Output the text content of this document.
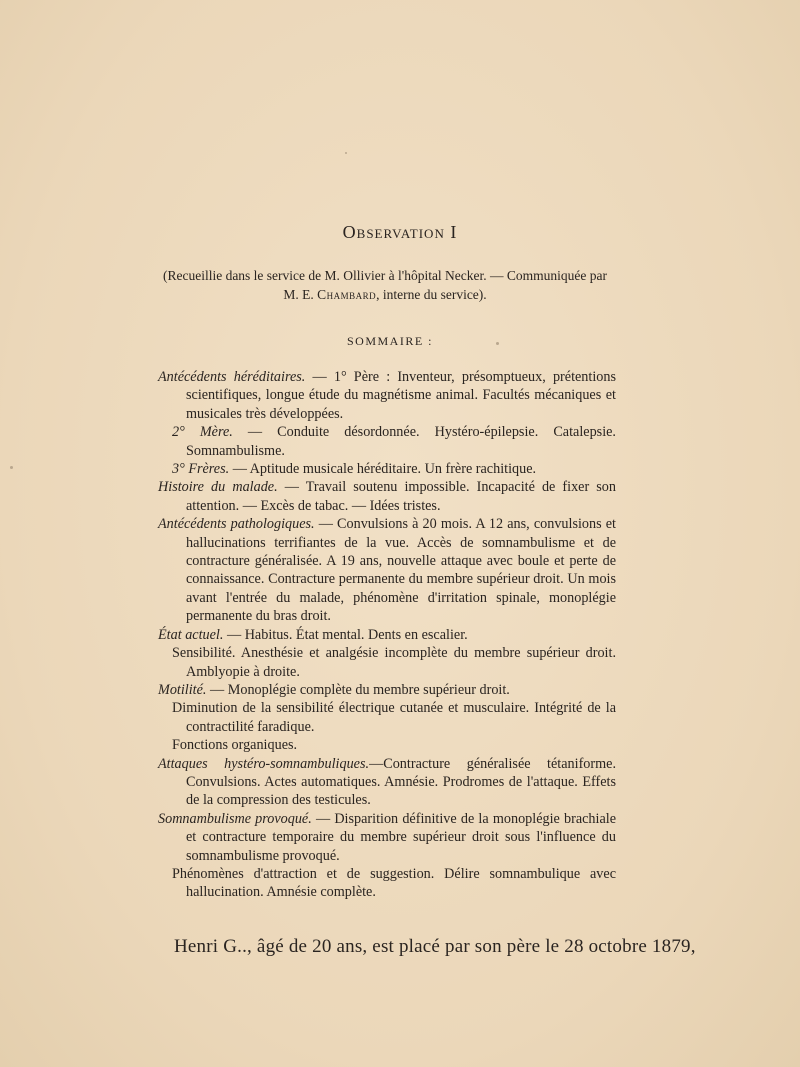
Observation I
(Recueillie dans le service de M. Ollivier à l'hôpital Necker. — Communiquée par
M. E. Chambard, interne du service).
SOMMAIRE :

Antécédents héréditaires. — 1° Père : Inventeur, présomptueux, prétentions scientifiques, longue étude du magnétisme animal. Facultés mécaniques et musicales très développées.

2° Mère. — Conduite désordonnée. Hystéro-épilepsie. Catalepsie. Somnambulisme.

3° Frères. — Aptitude musicale héréditaire. Un frère rachitique.

Histoire du malade. — Travail soutenu impossible. Incapacité de fixer son attention. — Excès de tabac. — Idées tristes.

Antécédents pathologiques. — Convulsions à 20 mois. A 12 ans, convulsions et hallucinations terrifiantes de la vue. Accès de somnambulisme et de contracture généralisée. A 19 ans, nouvelle attaque avec boule et perte de connaissance. Contracture permanente du membre supérieur droit. Un mois avant l'entrée du malade, phénomène d'irritation spinale, monoplégie permanente du bras droit.

État actuel. — Habitus. État mental. Dents en escalier.

Sensibilité. Anesthésie et analgésie incomplète du membre supérieur droit. Amblyopie à droite.

Motilité. — Monoplégie complète du membre supérieur droit.

Diminution de la sensibilité électrique cutanée et musculaire. Intégrité de la contractilité faradique.

Fonctions organiques.

Attaques hystéro-somnambuliques.—Contracture généralisée tétaniforme. Convulsions. Actes automatiques. Amnésie. Prodromes de l'attaque. Effets de la compression des testicules.

Somnambulisme provoqué. — Disparition définitive de la monoplégie brachiale et contracture temporaire du membre supérieur droit sous l'influence du somnambulisme provoqué.

Phénomènes d'attraction et de suggestion. Délire somnambulique avec hallucination. Amnésie complète.

Henri G.., âgé de 20 ans, est placé par son père le 28 octobre 1879,
